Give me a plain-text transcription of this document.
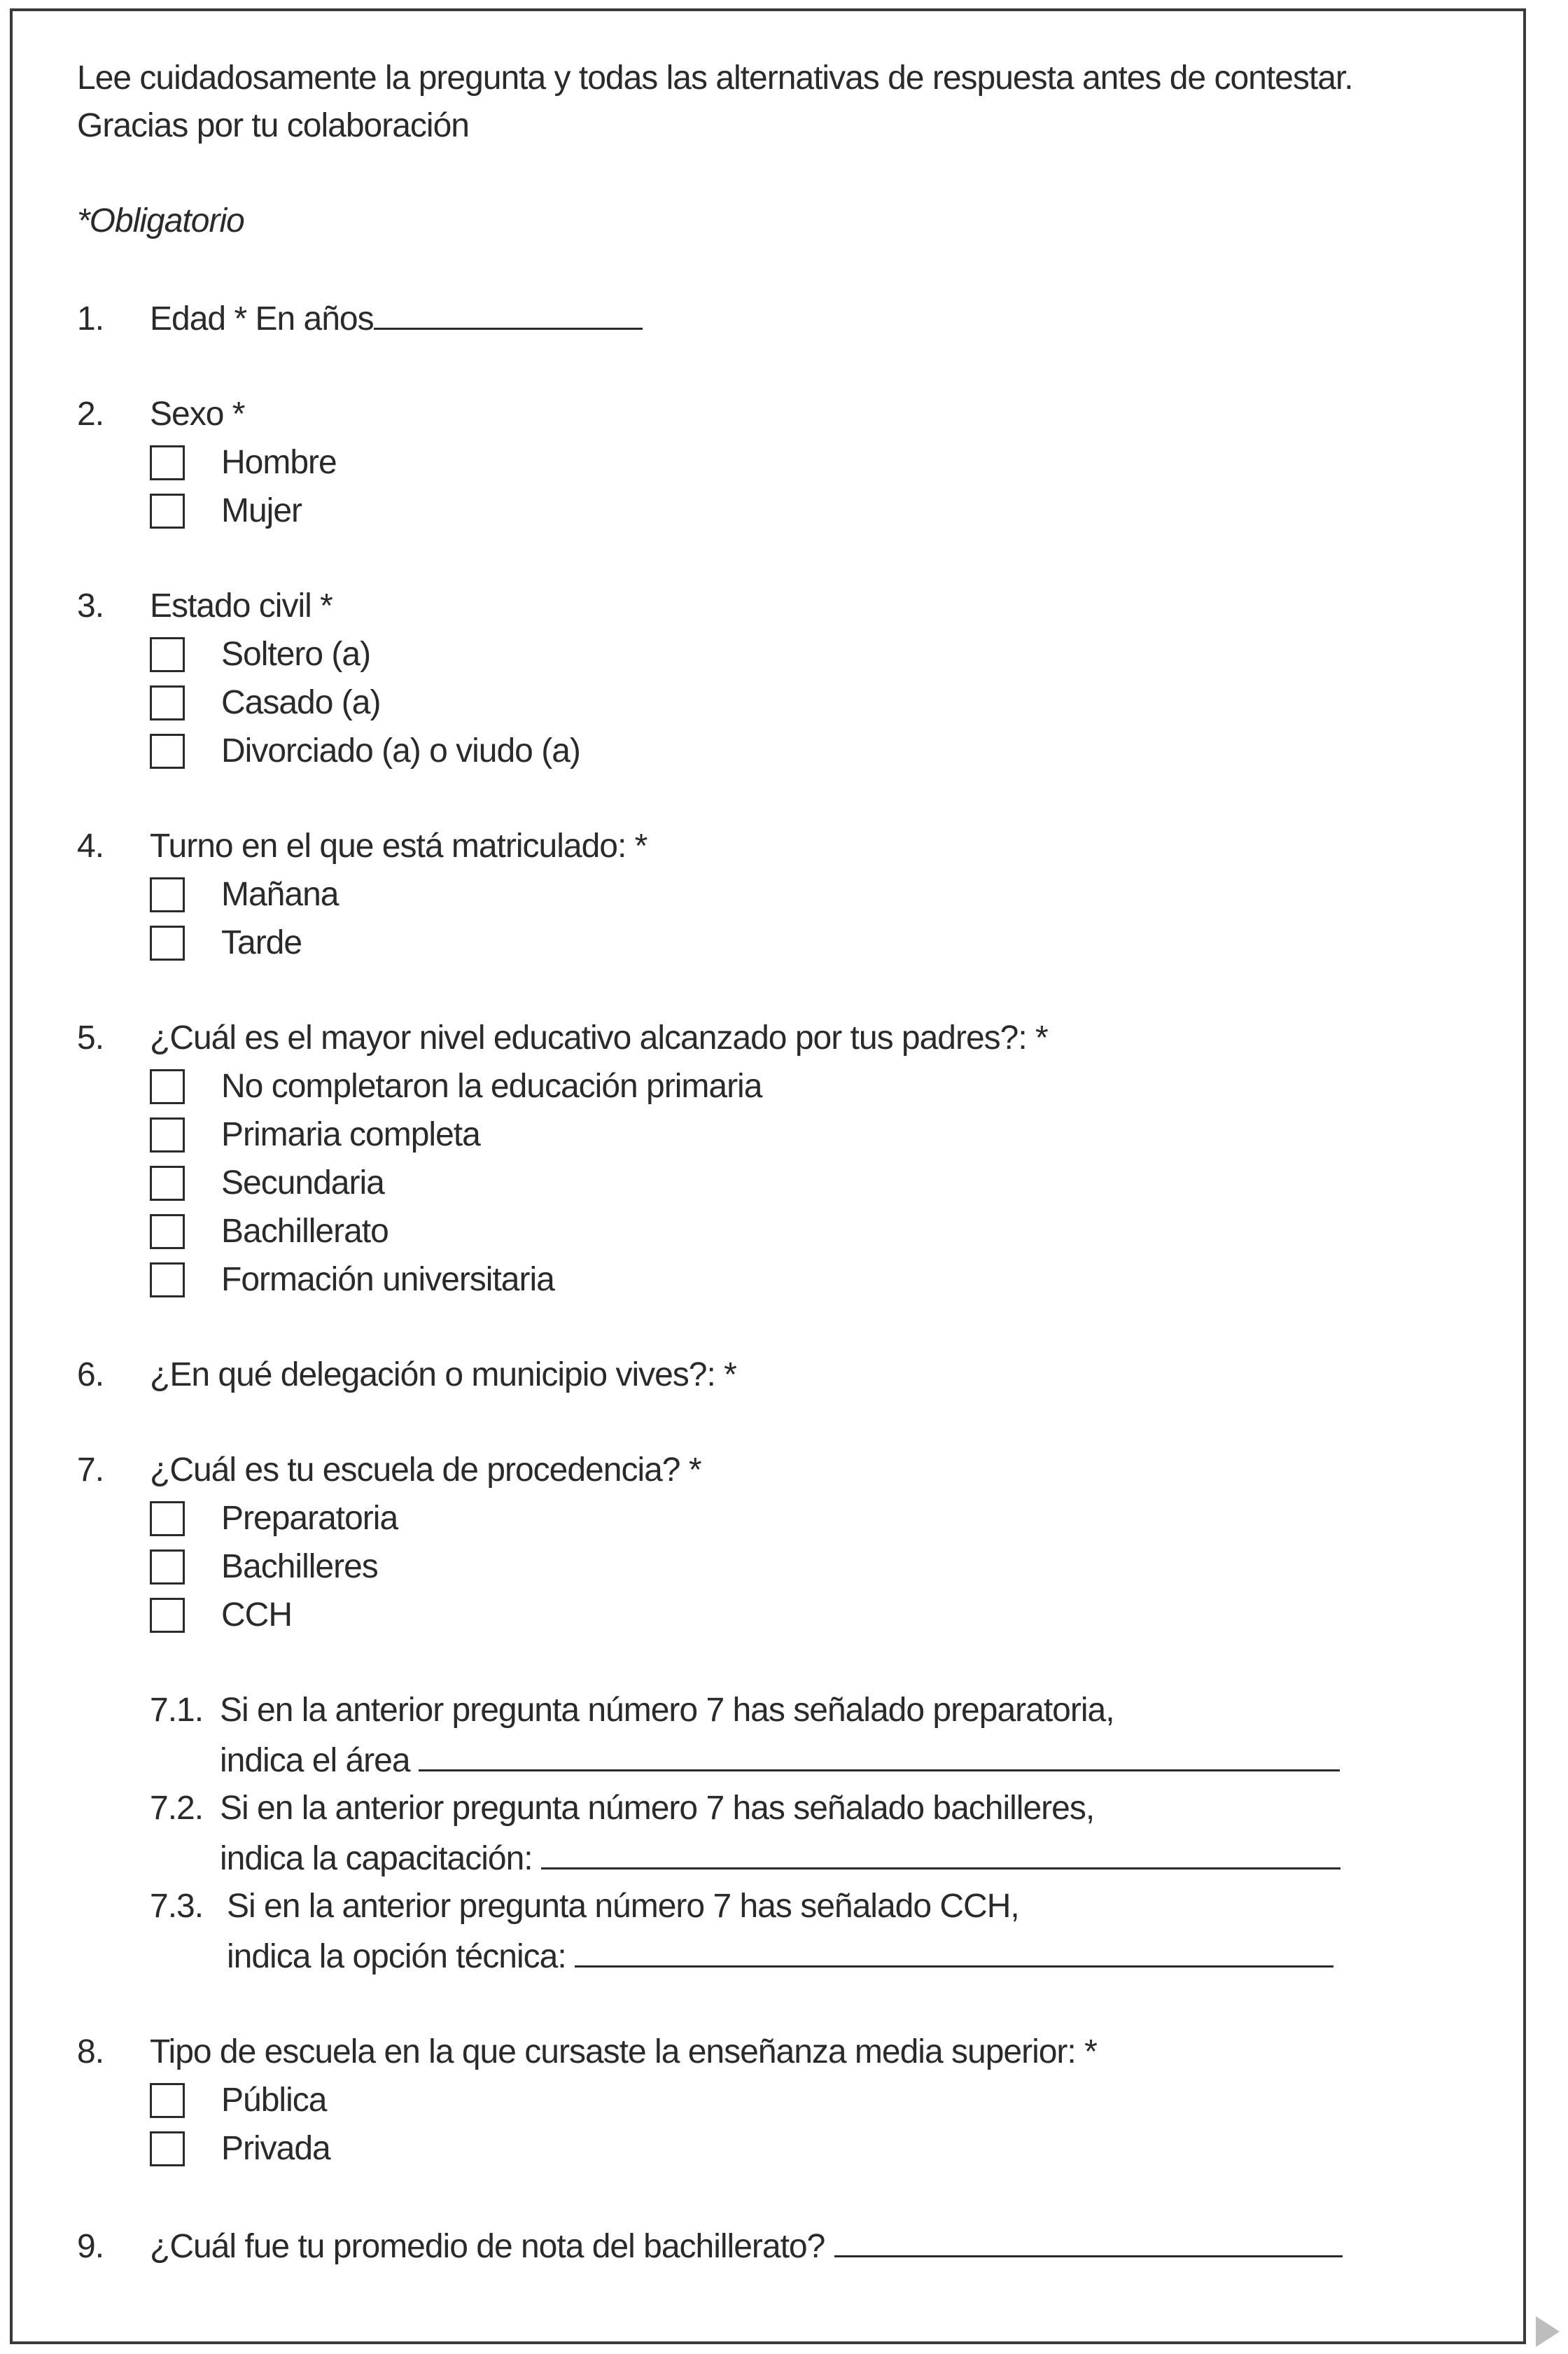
Lee cuidadosamente la pregunta y todas las alternativas de respuesta antes de contestar. Gracias por tu colaboración

*Obligatorio

1.	Edad * En años
2.	Sexo *
Hombre
Mujer
3.	Estado civil *
Soltero (a)
Casado (a)
Divorciado (a) o viudo (a)
4.	Turno en el que está matriculado: *
Mañana
Tarde
5.	¿Cuál es el mayor nivel educativo alcanzado por tus padres?: *
No completaron la educación primaria
Primaria completa
Secundaria
Bachillerato
Formación universitaria
6.	¿En qué delegación o municipio vives?: *
7.	¿Cuál es tu escuela de procedencia? *
Preparatoria
Bachilleres
CCH
7.1. Si en la anterior pregunta número 7 has señalado preparatoria,
indica el área
7.2. Si en la anterior pregunta número 7 has señalado bachilleres,
indica la capacitación:
7.3. Si en la anterior pregunta número 7 has señalado CCH,
indica la opción técnica:
8.	Tipo de escuela en la que cursaste la enseñanza media superior: *
Pública
Privada
9.	¿Cuál fue tu promedio de nota del bachillerato?
